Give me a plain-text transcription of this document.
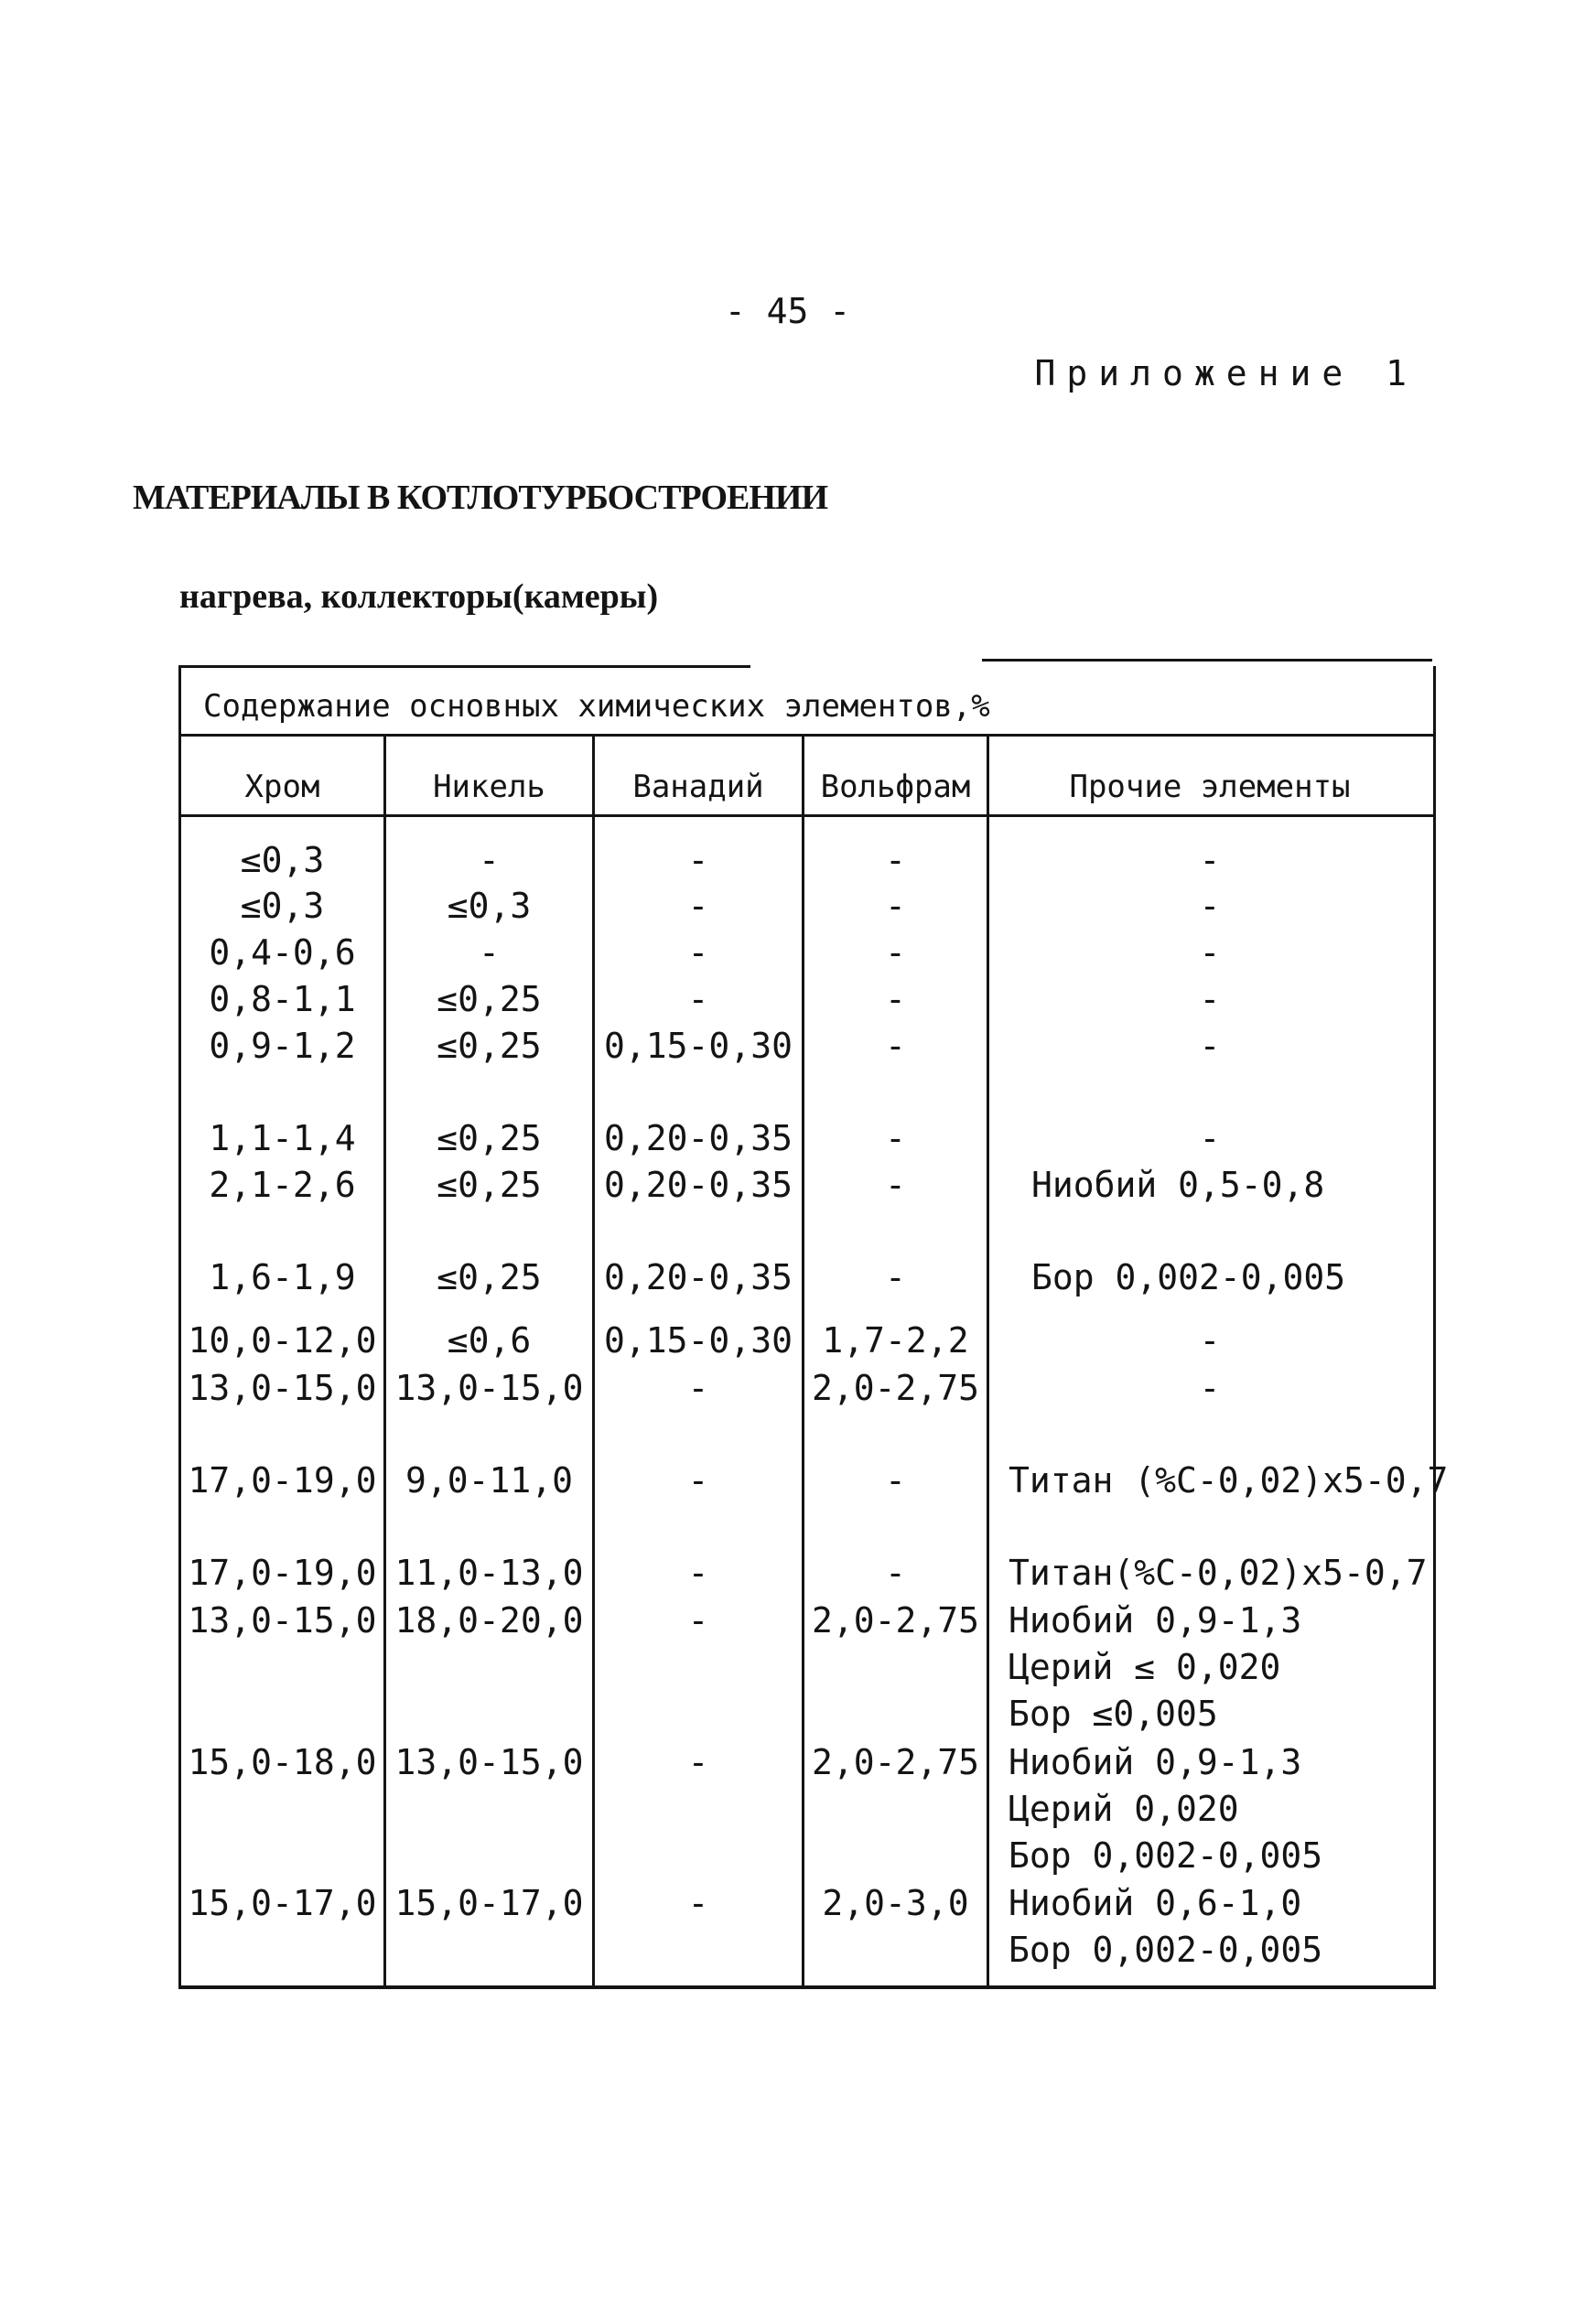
- 45 -
Приложение 1
МАТЕРИАЛЫ В КОТЛОТУРБОСТРОЕНИИ
нагрева, коллекторы(камеры)
Содержание основных химических элементов,%
Хром	Никель	Ванадий	Вольфрам	Прочие элементы
≤0,3	-	-	-	-
≤0,3	≤0,3	-	-	-
0,4-0,6	-	-	-	-
0,8-1,1	≤0,25	-	-	-
0,9-1,2	≤0,25	0,15-0,30	-	-
1,1-1,4	≤0,25	0,20-0,35	-	-
2,1-2,6	≤0,25	0,20-0,35	-	Ниобий 0,5-0,8
1,6-1,9	≤0,25	0,20-0,35	-	Бор 0,002-0,005
10,0-12,0	≤0,6	0,15-0,30 1,7-2,2	-
13,0-15,0 13,0-15,0	-	2,0-2,75	-
17,0-19,0 9,0-11,0	-	-	Титан (%С-0,02)х5-0,7
17,0-19,0 11,0-13,0	-	-	Титан(%С-0,02)х5-0,7
13,0-15,0 18,0-20,0	-	2,0-2,75 Ниобий 0,9-1,3
Церий ≤ 0,020
Бор ≤0,005
15,0-18,0 13,0-15,0	-	2,0-2,75 Ниобий 0,9-1,3
Церий 0,020
Бор 0,002-0,005
15,0-17,0 15,0-17,0	-	2,0-3,0	Ниобий 0,6-1,0
Бор 0,002-0,005
